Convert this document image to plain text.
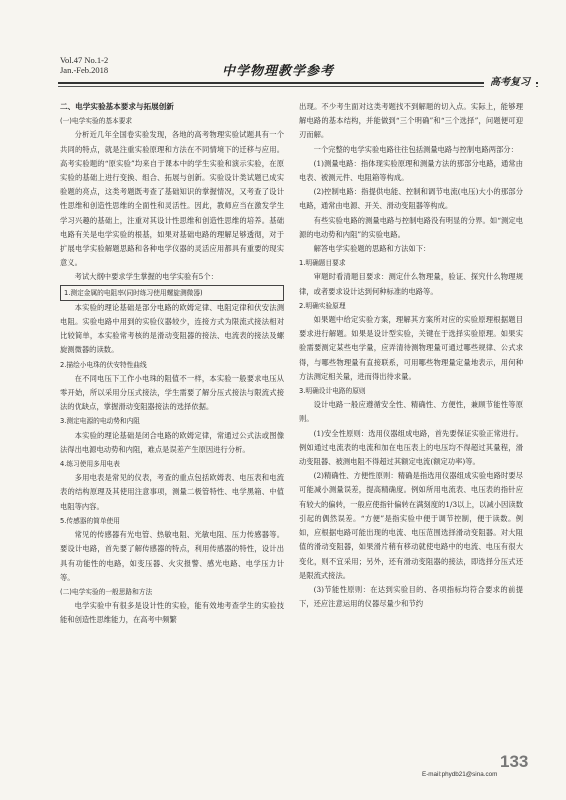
Vol.47 No.1-2
Jan.-Feb.2018	中学物理教学参考
高考复习

二、电学实验基本要求与拓展创新

(一)电学实验的基本要求

分析近几年全国卷实验发现，各地的高考物理实验试题具有一个共同的特点，就是注重实验原理和方法在不同情境下的迁移与应用。高考实验题的“原实验”均来自于课本中的学生实验和演示实验，在原实验的基础上进行变换、组合、拓展与创新。实验设计类试题已成实验题的亮点，这类考题既考查了基础知识的掌握情况，又考查了设计性思维和创造性思维的全面性和灵活性。因此，教师应当在激发学生学习兴趣的基础上，注重对其设计性思维和创造性思维的培养。基础电路有关是电学实验的根基，如果对基础电路的理解足够透彻，对于扩展电学实验解题思路和各种电学仪器的灵活应用都具有重要的现实意义。

考试大纲中要求学生掌握的电学实验有5个：

1.测定金属的电阻率(同时练习使用螺旋测微器)

本实验的理论基础是部分电路的欧姆定律、电阻定律和伏安法测电阻。实验电路中用到的实验仪器较少，连接方式为限流式接法相对比较简单，本实验常考核的是滑动变阻器的接法、电流表的接法及螺旋测微器的读数。

2.描绘小电珠的伏安特性曲线

在不同电压下工作小电珠的阻值不一样，本实验一般要求电压从零开始，所以采用分压式接法，学生需要了解分压式接法与限流式接法的优缺点，掌握滑动变阻器接法的选择依据。

3.测定电源的电动势和内阻

本实验的理论基础是闭合电路的欧姆定律，常通过公式法或图像法得出电源电动势和内阻，难点是误差产生原因进行分析。

4.练习使用多用电表

多用电表是常见的仪表，考查的重点包括欧姆表、电压表和电流表的结构原理及其使用注意事项，测量二极管特性、电学黑箱、中值电阻等内容。

5.传感器的简单使用

常见的传感器有光电管、热敏电阻、光敏电阻、压力传感器等。要设计电路，首先要了解传感器的特点，利用传感器的特性，设计出具有功能性的电路，如变压器、火灾报警、感光电路、电学压力计等。

(二)电学实验的一般思路和方法

电学实验中有很多是设计性的实验，能有效地考查学生的实验技能和创造性思维能力，在高考中频繁

出现。不少考生面对这类考题找不到解题的切入点。实际上，能够理解电路的基本结构，并能做到“三个明确”和“三个选择”，问题便可迎刃而解。

一个完整的电学实验电路往往包括测量电路与控制电路两部分：

(1)测量电路：指体现实验原理和测量方法的那部分电路，通常由电表、被测元件、电阻箱等构成。

(2)控制电路：指提供电能、控制和调节电流(电压)大小的那部分电路，通常由电源、开关、滑动变阻器等构成。

有些实验电路的测量电路与控制电路没有明显的分界。如“测定电源的电动势和内阻”的实验电路。

解答电学实验题的思路和方法如下：

1.明确题目要求

审题时看清题目要求：测定什么物理量，验证、探究什么物理规律，或者要求设计达到何种标准的电路等。

2.明确实验原理

如果题中给定实验方案，理解其方案所对应的实验原理根据题目要求进行解题。如果是设计型实验，关键在于选择实验原理。如果实验需要测定某些电学量，应弄清待测物理量可通过哪些规律、公式求得，与哪些物理量有直接联系，可用哪些物理量定量地表示，用何种方法测定相关量，进而得出待求量。

3.明确设计电路的原则

设计电路一般应遵循安全性、精确性、方便性，兼顾节能性等原则。

(1)安全性原则：选用仪器组成电路，首先要保证实验正常进行。例如通过电流表的电流和加在电压表上的电压均不得超过其量程，滑动变阻器、被测电阻不得超过其额定电流(额定功率)等。

(2)精确性、方便性原则：精确是指选用仪器组成实验电路时要尽可能减小测量误差，提高精确度。例如所用电流表、电压表的指针应有较大的偏转，一般应使指针偏转在满刻度的1/3以上，以减小因读数引起的偶然误差。“方便”是指实验中便于调节控制，便于读数。例如，应根据电路可能出现的电流、电压范围选择滑动变阻器。对大阻值的滑动变阻器，如果滑片稍有移动就使电路中的电流、电压有很大变化，则不宜采用；另外，还有滑动变阻器的接法，即选择分压式还是限流式接法。

(3)节能性原则：在达到实验目的、各项指标均符合要求的前提下，还应注意运用的仪器尽量少和节约

133
E-mail:phydb21@sina.com
